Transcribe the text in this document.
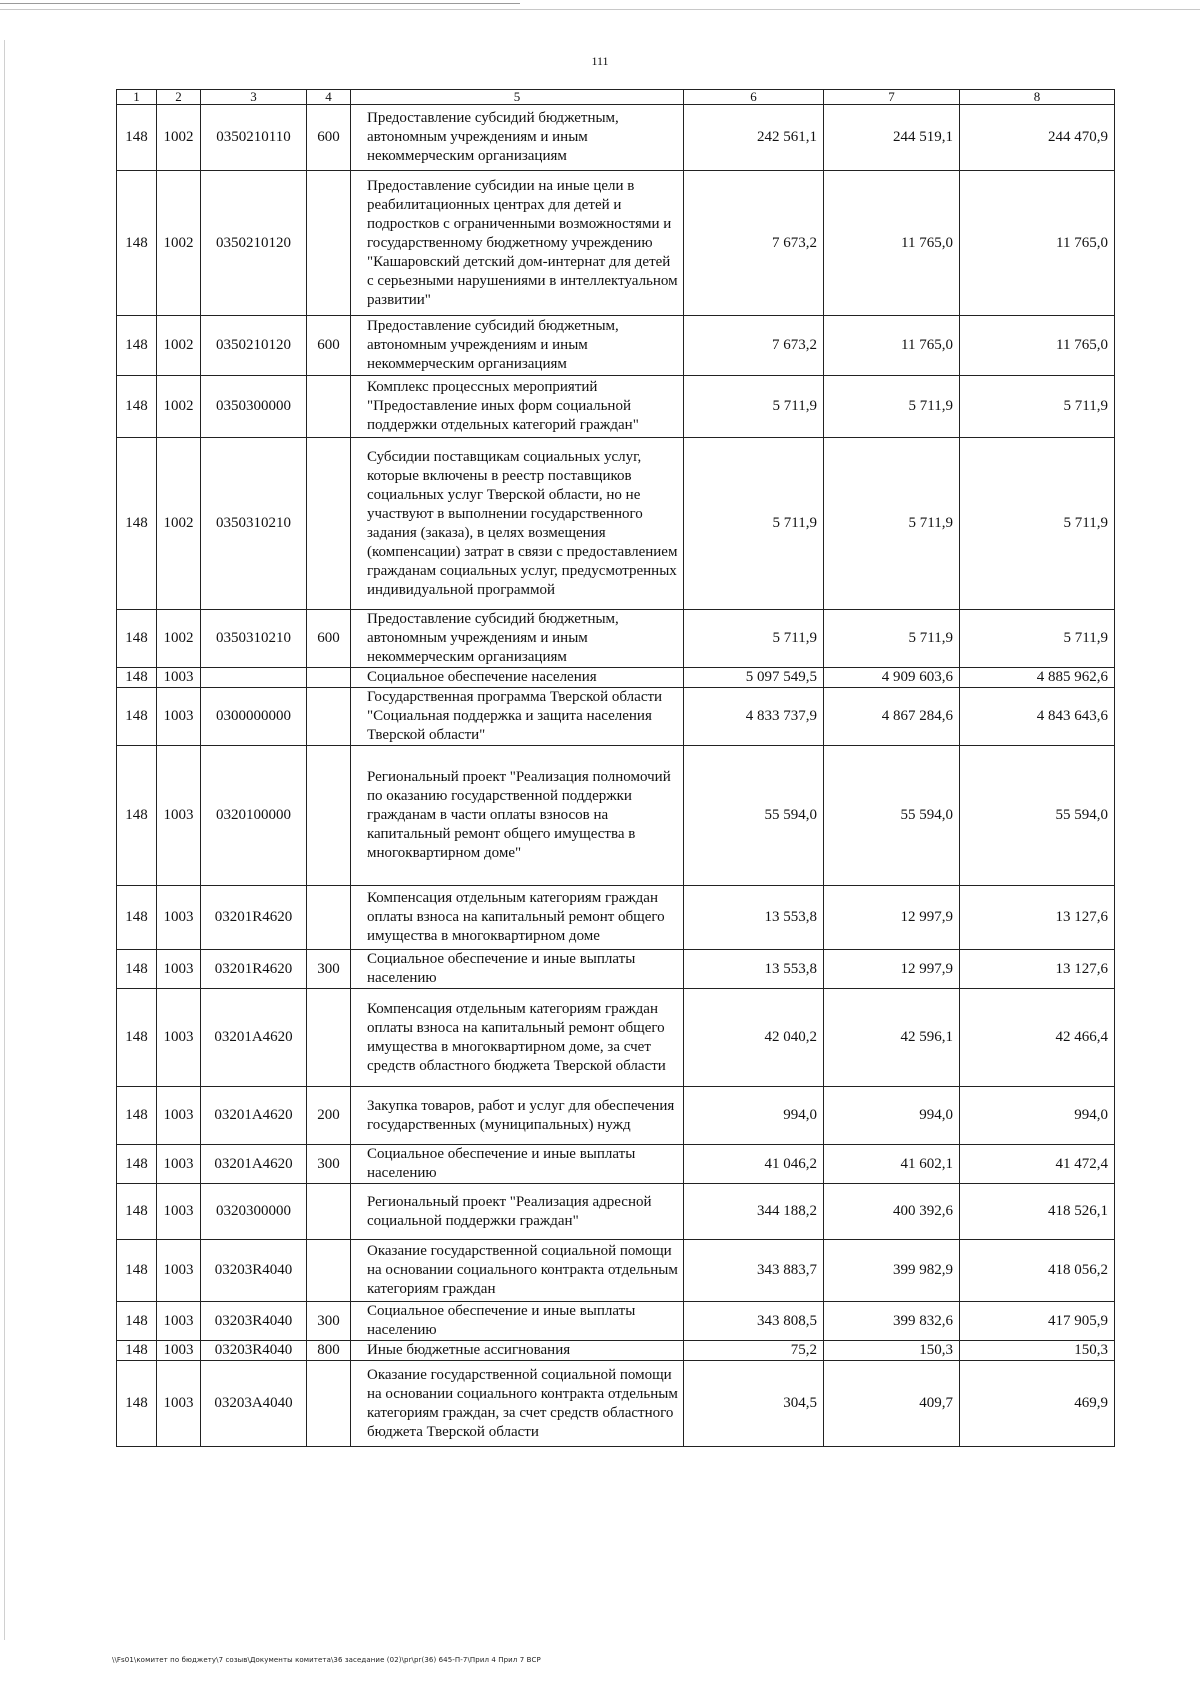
111
1	2	3	4	5	6	7	8
148	1002	0350210110	600	Предоставление субсидий бюджетным, автономным учреждениям и иным некоммерческим организациям	242 561,1	244 519,1	244 470,9
148	1002	0350210120		Предоставление субсидии на иные цели в реабилитационных центрах для детей и подростков с ограниченными возможностями и государственному бюджетному учреждению "Кашаровский детский дом-интернат для детей с серьезными нарушениями в интеллектуальном развитии"	7 673,2	11 765,0	11 765,0
148	1002	0350210120	600	Предоставление субсидий бюджетным, автономным учреждениям и иным некоммерческим организациям	7 673,2	11 765,0	11 765,0
148	1002	0350300000		Комплекс процессных мероприятий "Предоставление иных форм социальной поддержки отдельных категорий граждан"	5 711,9	5 711,9	5 711,9
148	1002	0350310210		Субсидии поставщикам социальных услуг, которые включены в реестр поставщиков социальных услуг Тверской области, но не участвуют в выполнении государственного задания (заказа), в целях возмещения (компенсации) затрат в связи с предоставлением гражданам социальных услуг, предусмотренных индивидуальной программой	5 711,9	5 711,9	5 711,9
148	1002	0350310210	600	Предоставление субсидий бюджетным, автономным учреждениям и иным некоммерческим организациям	5 711,9	5 711,9	5 711,9
148	1003			Социальное обеспечение населения	5 097 549,5	4 909 603,6	4 885 962,6
148	1003	0300000000		Государственная программа Тверской области "Социальная поддержка и защита населения Тверской области"	4 833 737,9	4 867 284,6	4 843 643,6
148	1003	0320100000		Региональный проект "Реализация полномочий по оказанию государственной поддержки гражданам в части оплаты взносов на капитальный ремонт общего имущества в многоквартирном доме"	55 594,0	55 594,0	55 594,0
148	1003	03201R4620		Компенсация отдельным категориям граждан оплаты взноса на капитальный ремонт общего имущества в многоквартирном доме	13 553,8	12 997,9	13 127,6
148	1003	03201R4620	300	Социальное обеспечение и иные выплаты населению	13 553,8	12 997,9	13 127,6
148	1003	03201A4620		Компенсация отдельным категориям граждан оплаты взноса на капитальный ремонт общего имущества в многоквартирном доме, за счет средств областного бюджета Тверской области	42 040,2	42 596,1	42 466,4
148	1003	03201A4620	200	Закупка товаров, работ и услуг для обеспечения государственных (муниципальных) нужд	994,0	994,0	994,0
148	1003	03201A4620	300	Социальное обеспечение и иные выплаты населению	41 046,2	41 602,1	41 472,4
148	1003	0320300000		Региональный проект "Реализация адресной социальной поддержки граждан"	344 188,2	400 392,6	418 526,1
148	1003	03203R4040		Оказание государственной социальной помощи на основании социального контракта отдельным категориям граждан	343 883,7	399 982,9	418 056,2
148	1003	03203R4040	300	Социальное обеспечение и иные выплаты населению	343 808,5	399 832,6	417 905,9
148	1003	03203R4040	800	Иные бюджетные ассигнования	75,2	150,3	150,3
148	1003	03203A4040		Оказание государственной социальной помощи на основании социального контракта отдельным категориям граждан, за счет средств областного бюджета Тверской области	304,5	409,7	469,9
\\Fs01\комитет по бюджету\7 созыв\Документы комитета\36 заседание (02)\pr\pr(36) 645-П-7\Прил 4 Прил 7 ВСР
